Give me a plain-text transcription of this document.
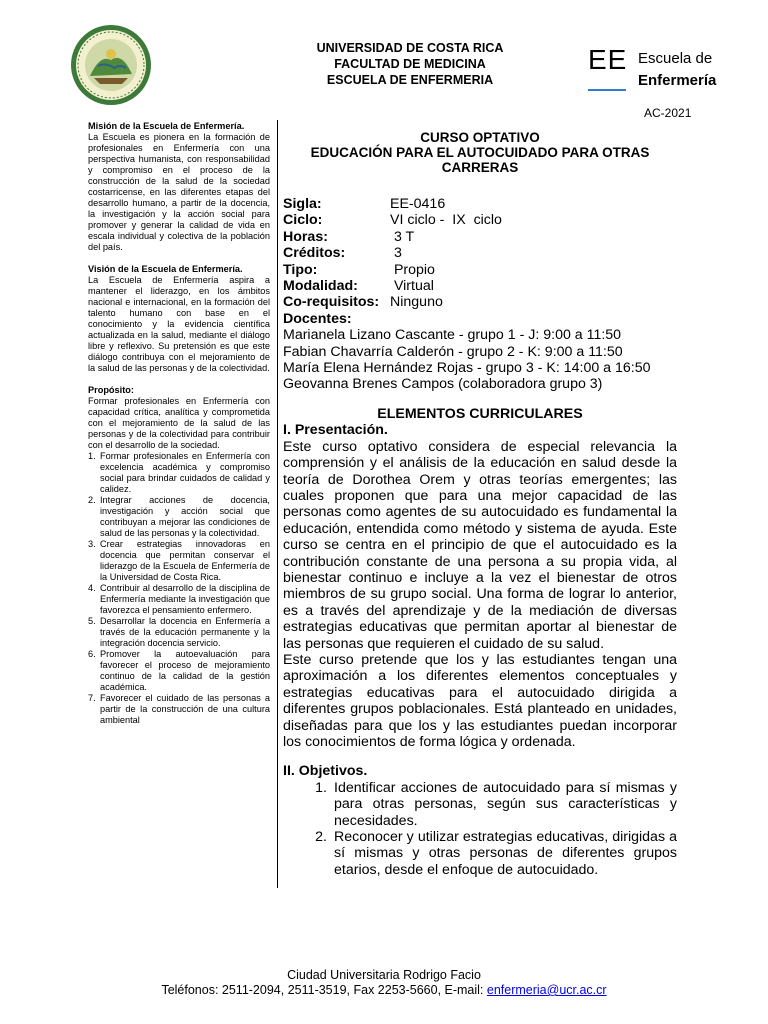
UNIVERSIDAD DE COSTA RICA
FACULTAD DE MEDICINA
ESCUELA DE ENFERMERIA
EE Escuela de
Enfermería
AC-2021

Misión de la Escuela de Enfermería.

La Escuela es pionera en la formación de profesionales en Enfermería con una perspectiva humanista, con responsabilidad y compromiso en el proceso de la construcción de la salud de la sociedad costarricense, en las diferentes etapas del desarrollo humano, a partir de la docencia, la investigación y la acción social para promover y generar la calidad de vida en escala individual y colectiva de la población del país.

Visión de la Escuela de Enfermería.

La Escuela de Enfermería aspira a mantener el liderazgo, en los ámbitos nacional e internacional, en la formación del talento humano con base en el conocimiento y la evidencia científica actualizada en la salud, mediante el diálogo libre y reflexivo. Su pretensión es que este diálogo contribuya con el mejoramiento de la salud de las personas y de la colectividad.

Propósito:

Formar profesionales en Enfermería con capacidad crítica, analítica y comprometida con el mejoramiento de la salud de las personas y de la colectividad para contribuir con el desarrollo de la sociedad.

1. Formar profesionales en Enfermería con excelencia académica y compromiso social para brindar cuidados de calidad y calidez.
2. Integrar acciones de docencia, investigación y acción social que contribuyan a mejorar las condiciones de salud de las personas y la colectividad.
3. Crear estrategias innovadoras en docencia que permitan conservar el liderazgo de la Escuela de Enfermería de la Universidad de Costa Rica.
4. Contribuir al desarrollo de la disciplina de Enfermería mediante la investigación que favorezca el pensamiento enfermero.
5. Desarrollar la docencia en Enfermería a través de la educación permanente y la integración docencia servicio.
6. Promover la autoevaluación para favorecer el proceso de mejoramiento continuo de la calidad de la gestión académica.
7. Favorecer el cuidado de las personas a partir de la construcción de una cultura ambiental
CURSO OPTATIVO
EDUCACIÓN PARA EL AUTOCUIDADO PARA OTRAS
CARRERAS
Sigla:	EE-0416
Ciclo:	VI ciclo -  IX  ciclo
Horas:	3 T
Créditos:	3
Tipo:	Propio
Modalidad:	Virtual
Co-requisitos: Ninguno
Docentes:
Marianela Lizano Cascante - grupo 1 - J: 9:00 a 11:50
Fabian Chavarría Calderón - grupo 2 - K: 9:00 a 11:50
María Elena Hernández Rojas - grupo 3 - K: 14:00 a 16:50
Geovanna Brenes Campos (colaboradora grupo 3)
ELEMENTOS CURRICULARES
I. Presentación.

Este curso optativo considera de especial relevancia la comprensión y el análisis de la educación en salud desde la teoría de Dorothea Orem y otras teorías emergentes; las cuales proponen que para una mejor capacidad de las personas como agentes de su autocuidado es fundamental la educación, entendida como método y sistema de ayuda. Este curso se centra en el principio de que el autocuidado es la contribución constante de una persona a su propia vida, al bienestar continuo e incluye a la vez el bienestar de otros miembros de su grupo social. Una forma de lograr lo anterior, es a través del aprendizaje y de la mediación de diversas estrategias educativas que permitan aportar al bienestar de las personas que requieren el cuidado de su salud.

Este curso pretende que los y las estudiantes tengan una aproximación a los diferentes elementos conceptuales y estrategias educativas para el autocuidado dirigida a diferentes grupos poblacionales. Está planteado en unidades, diseñadas para que los y las estudiantes puedan incorporar los conocimientos de forma lógica y ordenada.

II. Objetivos.
1. Identificar acciones de autocuidado para sí mismas y para otras personas, según sus características y necesidades.
2. Reconocer y utilizar estrategias educativas, dirigidas a sí mismas y otras personas de diferentes grupos etarios, desde el enfoque de autocuidado.
Ciudad Universitaria Rodrigo Facio
Teléfonos: 2511-2094, 2511-3519, Fax 2253-5660, E-mail: enfermeria@ucr.ac.cr
